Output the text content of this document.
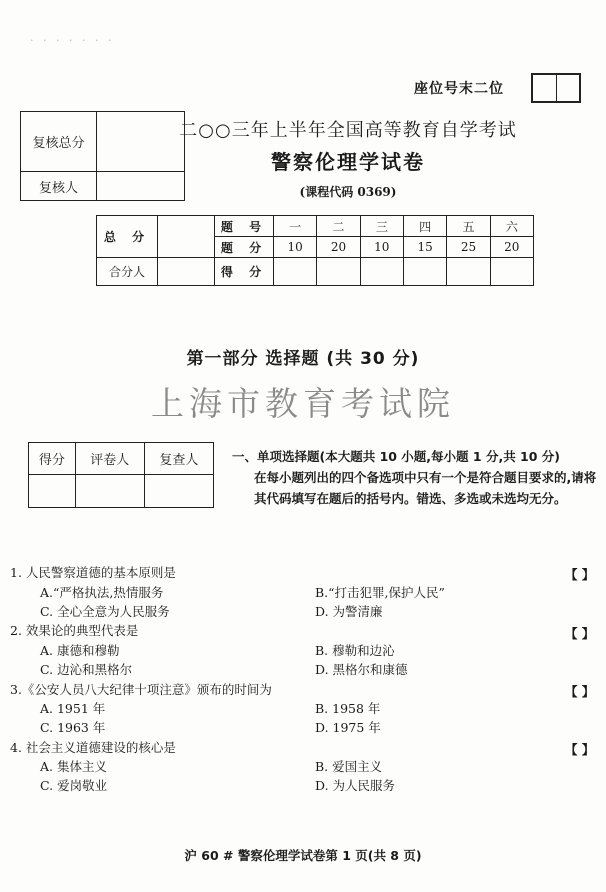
· · · · · · ·
座位号末二位
复核总分	
复核人	
二○○三年上半年全国高等教育自学考试
警察伦理学试卷
(课程代码 0369)
总 分		题 号	一	二	三	四	五	六
		题 分	10	20	10	15	25	20
合分人		得 分						
第一部分 选择题 (共 30 分)
上海市教育考试院
得分	评卷人	复查人
			一、单项选择题(本大题共 10 小题,每小题 1 分,共 10 分)
在每小题列出的四个备选项中只有一个是符合题目要求的,请将其代码填写在题后的括号内。错选、多选或未选均无分。
1. 人民警察道德的基本原则是	【 】
A.“严格执法,热情服务	B.“打击犯罪,保护人民”
C. 全心全意为人民服务	D. 为警清廉
2. 效果论的典型代表是	【 】
A. 康德和穆勒	B. 穆勒和边沁
C. 边沁和黑格尔	D. 黑格尔和康德
3.《公安人员八大纪律十项注意》颁布的时间为	【 】
A. 1951 年	B. 1958 年
C. 1963 年	D. 1975 年
4. 社会主义道德建设的核心是	【 】
A. 集体主义	B. 爱国主义
C. 爱岗敬业	D. 为人民服务
沪 60 # 警察伦理学试卷第 1 页(共 8 页)
